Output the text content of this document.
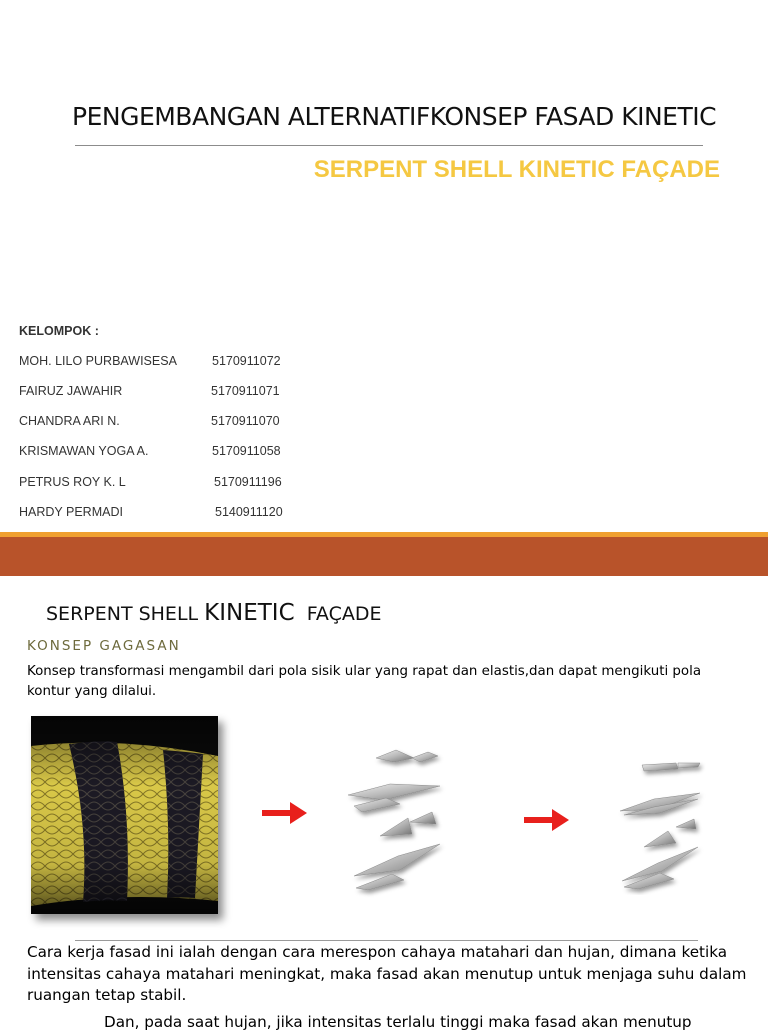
PENGEMBANGAN ALTERNATIFKONSEP FASAD KINETIC
SERPENT SHELL KINETIC FAÇADE
KELOMPOK :
MOH. LILO PURBAWISESA	5170911072
FAIRUZ JAWAHIR	5170911071
CHANDRA ARI N.	5170911070
KRISMAWAN YOGA A.	5170911058
PETRUS ROY K. L	5170911196
HARDY PERMADI	5140911120
SERPENT SHELL KINETIC  FAÇADE
KONSEP GAGASAN
Konsep transformasi mengambil dari pola sisik ular yang rapat dan elastis,dan dapat mengikuti pola kontur yang dilalui.
Cara kerja fasad ini ialah dengan cara merespon cahaya matahari dan hujan, dimana ketika intensitas cahaya matahari meningkat, maka fasad akan menutup untuk menjaga suhu dalam ruangan tetap stabil.
Dan, pada saat hujan, jika intensitas terlalu tinggi maka fasad akan menutup
